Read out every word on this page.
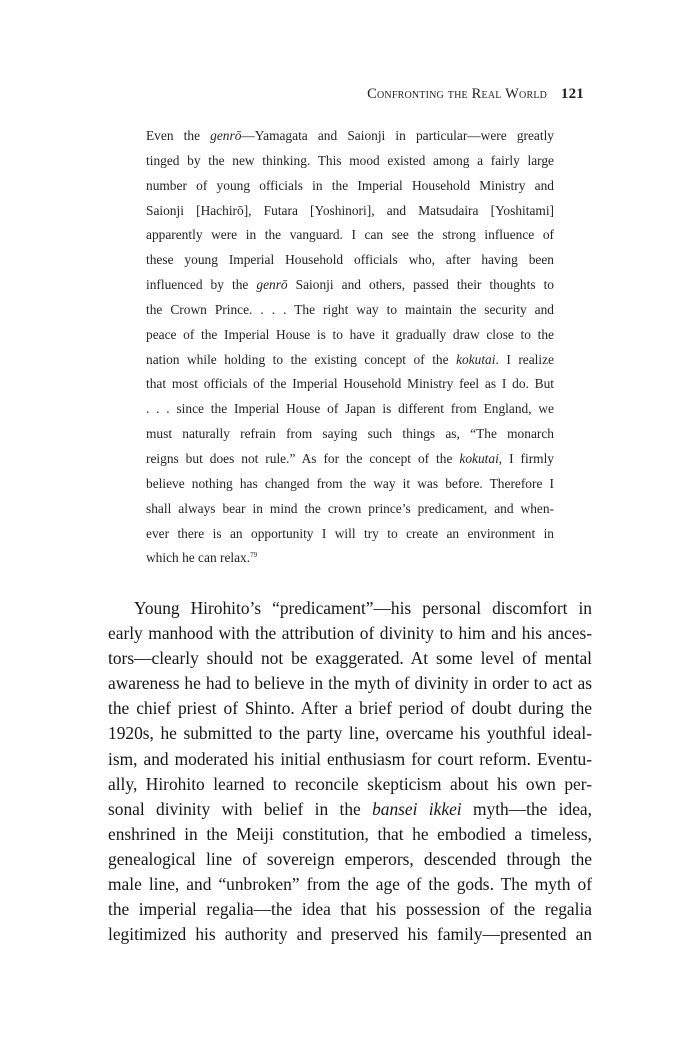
Confronting the Real World 121
Even the genrō—Yamagata and Saionji in particular—were greatly
tinged by the new thinking. This mood existed among a fairly large
number of young officials in the Imperial Household Ministry and
Saionji [Hachirō], Futara [Yoshinori], and Matsudaira [Yoshitami]
apparently were in the vanguard. I can see the strong influence of
these young Imperial Household officials who, after having been
influenced by the genrō Saionji and others, passed their thoughts to
the Crown Prince. . . . The right way to maintain the security and
peace of the Imperial House is to have it gradually draw close to the
nation while holding to the existing concept of the kokutai. I realize
that most officials of the Imperial Household Ministry feel as I do. But
. . . since the Imperial House of Japan is different from England, we
must naturally refrain from saying such things as, “The monarch
reigns but does not rule.” As for the concept of the kokutai, I firmly
believe nothing has changed from the way it was before. Therefore I
shall always bear in mind the crown prince’s predicament, and when-
ever there is an opportunity I will try to create an environment in
which he can relax.$^{79}$
Young Hirohito’s “predicament”—his personal discomfort in
early manhood with the attribution of divinity to him and his ances-
tors—clearly should not be exaggerated. At some level of mental
awareness he had to believe in the myth of divinity in order to act as
the chief priest of Shinto. After a brief period of doubt during the
1920s, he submitted to the party line, overcame his youthful ideal-
ism, and moderated his initial enthusiasm for court reform. Eventu-
ally, Hirohito learned to reconcile skepticism about his own per-
sonal divinity with belief in the bansei ikkei myth—the idea,
enshrined in the Meiji constitution, that he embodied a timeless,
genealogical line of sovereign emperors, descended through the
male line, and “unbroken” from the age of the gods. The myth of
the imperial regalia—the idea that his possession of the regalia
legitimized his authority and preserved his family—presented an
